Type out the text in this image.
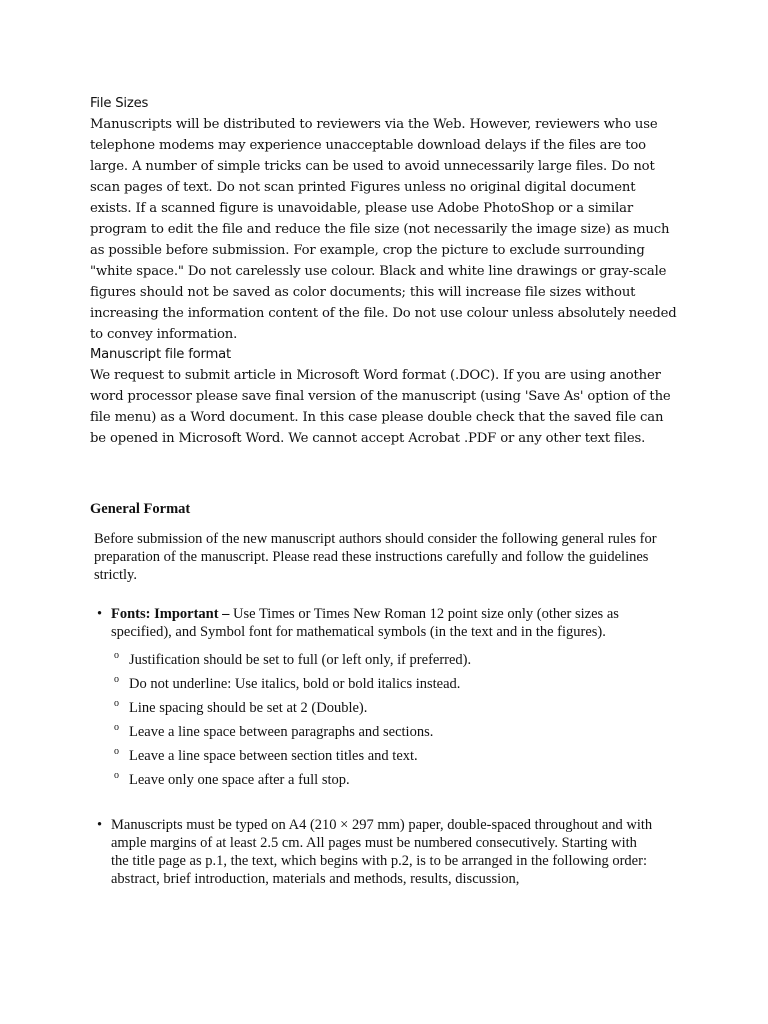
File Sizes

Manuscripts will be distributed to reviewers via the Web. However, reviewers who use telephone modems may experience unacceptable download delays if the files are too large. A number of simple tricks can be used to avoid unnecessarily large files. Do not scan pages of text. Do not scan printed Figures unless no original digital document exists. If a scanned figure is unavoidable, please use Adobe PhotoShop or a similar program to edit the file and reduce the file size (not necessarily the image size) as much as possible before submission. For example, crop the picture to exclude surrounding "white space." Do not carelessly use colour. Black and white line drawings or gray-scale figures should not be saved as color documents; this will increase file sizes without increasing the information content of the file. Do not use colour unless absolutely needed to convey information.

Manuscript file format

We request to submit article in Microsoft Word format (.DOC). If you are using another word processor please save final version of the manuscript (using 'Save As' option of the file menu) as a Word document. In this case please double check that the saved file can be opened in Microsoft Word. We cannot accept Acrobat .PDF or any other text files.

General Format

Before submission of the new manuscript authors should consider the following general rules for preparation of the manuscript. Please read these instructions carefully and follow the guidelines strictly.

• Fonts: Important – Use Times or Times New Roman 12 point size only (other sizes as specified), and Symbol font for mathematical symbols (in the text and in the figures).
o Justification should be set to full (or left only, if preferred).
o Do not underline: Use italics, bold or bold italics instead.
o Line spacing should be set at 2 (Double).
o Leave a line space between paragraphs and sections.
o Leave a line space between section titles and text.
o Leave only one space after a full stop.
• Manuscripts must be typed on A4 (210 × 297 mm) paper, double-spaced throughout and with ample margins of at least 2.5 cm. All pages must be numbered consecutively. Starting with the title page as p.1, the text, which begins with p.2, is to be arranged in the following order: abstract, brief introduction, materials and methods, results, discussion,
